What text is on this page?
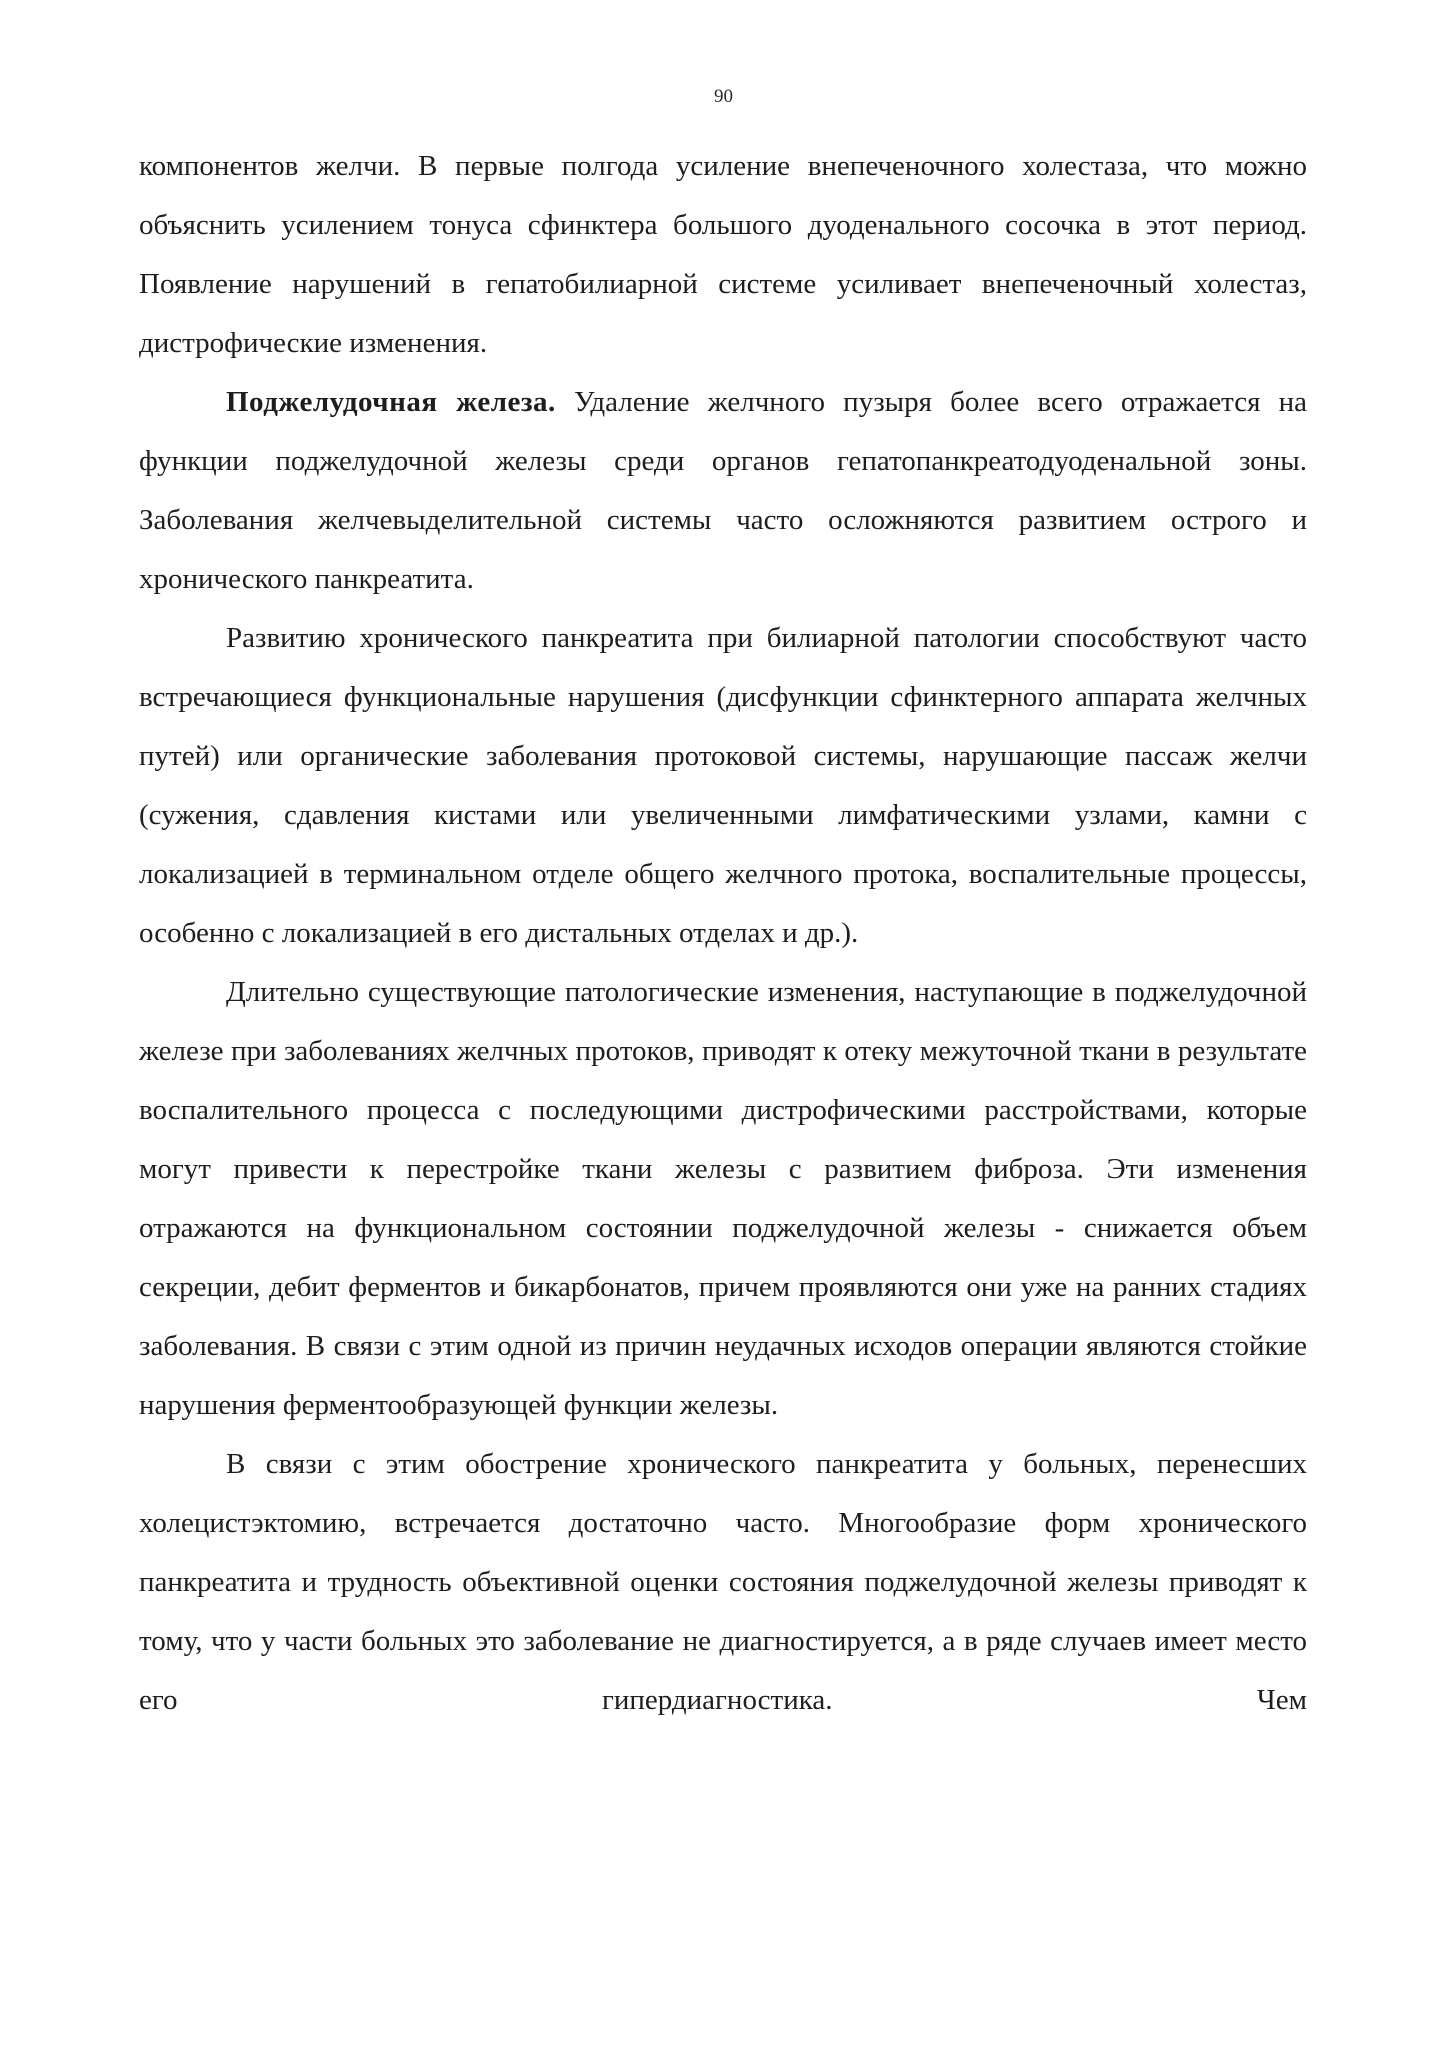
90

компонентов желчи. В первые полгода усиление внепеченочного холестаза, что можно объяснить усилением тонуса сфинктера большого дуоденального сосочка в этот период. Появление нарушений в гепатобилиарной системе усиливает внепеченочный холестаз, дистрофические изменения.

Поджелудочная железа. Удаление желчного пузыря более всего отражается на функции поджелудочной железы среди органов гепатопанкреатодуоденальной зоны. Заболевания желчевыделительной системы часто осложняются развитием острого и хронического панкреатита.

Развитию хронического панкреатита при билиарной патологии способствуют часто встречающиеся функциональные нарушения (дисфункции сфинктерного аппарата желчных путей) или органические заболевания протоковой системы, нарушающие пассаж желчи (сужения, сдавления кистами или увеличенными лимфатическими узлами, камни с локализацией в терминальном отделе общего желчного протока, воспалительные процессы, особенно с локализацией в его дистальных отделах и др.).

Длительно существующие патологические изменения, наступающие в поджелудочной железе при заболеваниях желчных протоков, приводят к отеку межуточной ткани в результате воспалительного процесса с последующими дистрофическими расстройствами, которые могут привести к перестройке ткани железы с развитием фиброза. Эти изменения отражаются на функциональном состоянии поджелудочной железы - снижается объем секреции, дебит ферментов и бикарбонатов, причем проявляются они уже на ранних стадиях заболевания. В связи с этим одной из причин неудачных исходов операции являются стойкие нарушения ферментообразующей функции железы.

В связи с этим обострение хронического панкреатита у больных, перенесших холецистэктомию, встречается достаточно часто. Многообразие форм хронического панкреатита и трудность объективной оценки состояния поджелудочной железы приводят к тому, что у части больных это заболевание не диагностируется, а в ряде случаев имеет место его гипердиагностика. Чем
